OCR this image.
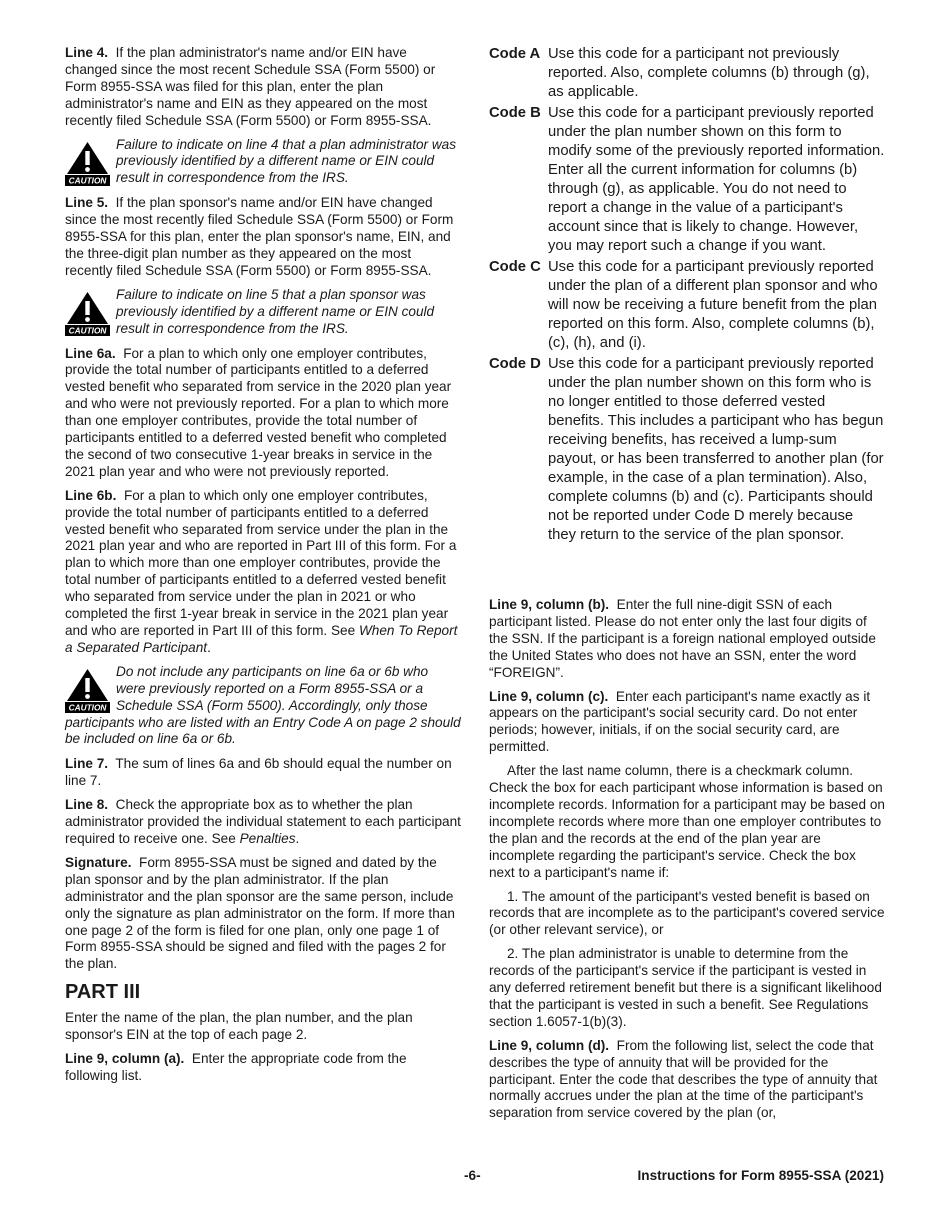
Line 4. If the plan administrator's name and/or EIN have changed since the most recent Schedule SSA (Form 5500) or Form 8955-SSA was filed for this plan, enter the plan administrator's name and EIN as they appeared on the most recently filed Schedule SSA (Form 5500) or Form 8955-SSA.

CAUTION
Failure to indicate on line 4 that a plan administrator was previously identified by a different name or EIN could result in correspondence from the IRS.

Line 5. If the plan sponsor's name and/or EIN have changed since the most recently filed Schedule SSA (Form 5500) or Form 8955-SSA for this plan, enter the plan sponsor's name, EIN, and the three-digit plan number as they appeared on the most recently filed Schedule SSA (Form 5500) or Form 8955-SSA.

CAUTION
Failure to indicate on line 5 that a plan sponsor was previously identified by a different name or EIN could result in correspondence from the IRS.

Line 6a. For a plan to which only one employer contributes, provide the total number of participants entitled to a deferred vested benefit who separated from service in the 2020 plan year and who were not previously reported. For a plan to which more than one employer contributes, provide the total number of participants entitled to a deferred vested benefit who completed the second of two consecutive 1-year breaks in service in the 2021 plan year and who were not previously reported.

Line 6b. For a plan to which only one employer contributes, provide the total number of participants entitled to a deferred vested benefit who separated from service under the plan in the 2021 plan year and who are reported in Part III of this form. For a plan to which more than one employer contributes, provide the total number of participants entitled to a deferred vested benefit who separated from service under the plan in 2021 or who completed the first 1-year break in service in the 2021 plan year and who are reported in Part III of this form. See When To Report a Separated Participant.

CAUTION
Do not include any participants on line 6a or 6b who were previously reported on a Form 8955-SSA or a Schedule SSA (Form 5500). Accordingly, only those participants who are listed with an Entry Code A on page 2 should be included on line 6a or 6b.

Line 7. The sum of lines 6a and 6b should equal the number on line 7.

Line 8. Check the appropriate box as to whether the plan administrator provided the individual statement to each participant required to receive one. See Penalties.

Signature. Form 8955-SSA must be signed and dated by the plan sponsor and by the plan administrator. If the plan administrator and the plan sponsor are the same person, include only the signature as plan administrator on the form. If more than one page 2 of the form is filed for one plan, only one page 1 of Form 8955-SSA should be signed and filed with the pages 2 for the plan.

PART III

Enter the name of the plan, the plan number, and the plan sponsor's EIN at the top of each page 2.

Line 9, column (a). Enter the appropriate code from the following list.

Code A Use this code for a participant not previously reported. Also, complete columns (b) through (g), as applicable.
Code B Use this code for a participant previously reported under the plan number shown on this form to modify some of the previously reported information. Enter all the current information for columns (b) through (g), as applicable. You do not need to report a change in the value of a participant's account since that is likely to change. However, you may report such a change if you want.
Code C Use this code for a participant previously reported under the plan of a different plan sponsor and who will now be receiving a future benefit from the plan reported on this form. Also, complete columns (b), (c), (h), and (i).
Code D Use this code for a participant previously reported under the plan number shown on this form who is no longer entitled to those deferred vested benefits. This includes a participant who has begun receiving benefits, has received a lump-sum payout, or has been transferred to another plan (for example, in the case of a plan termination). Also, complete columns (b) and (c). Participants should not be reported under Code D merely because they return to the service of the plan sponsor.

Line 9, column (b). Enter the full nine-digit SSN of each participant listed. Please do not enter only the last four digits of the SSN. If the participant is a foreign national employed outside the United States who does not have an SSN, enter the word “FOREIGN”.

Line 9, column (c). Enter each participant's name exactly as it appears on the participant's social security card. Do not enter periods; however, initials, if on the social security card, are permitted.

After the last name column, there is a checkmark column. Check the box for each participant whose information is based on incomplete records. Information for a participant may be based on incomplete records where more than one employer contributes to the plan and the records at the end of the plan year are incomplete regarding the participant's service. Check the box next to a participant's name if:

1. The amount of the participant's vested benefit is based on records that are incomplete as to the participant's covered service (or other relevant service), or

2. The plan administrator is unable to determine from the records of the participant's service if the participant is vested in any deferred retirement benefit but there is a significant likelihood that the participant is vested in such a benefit. See Regulations section 1.6057-1(b)(3).

Line 9, column (d). From the following list, select the code that describes the type of annuity that will be provided for the participant. Enter the code that describes the type of annuity that normally accrues under the plan at the time of the participant's separation from service covered by the plan (or,

-6-	Instructions for Form 8955-SSA (2021)
